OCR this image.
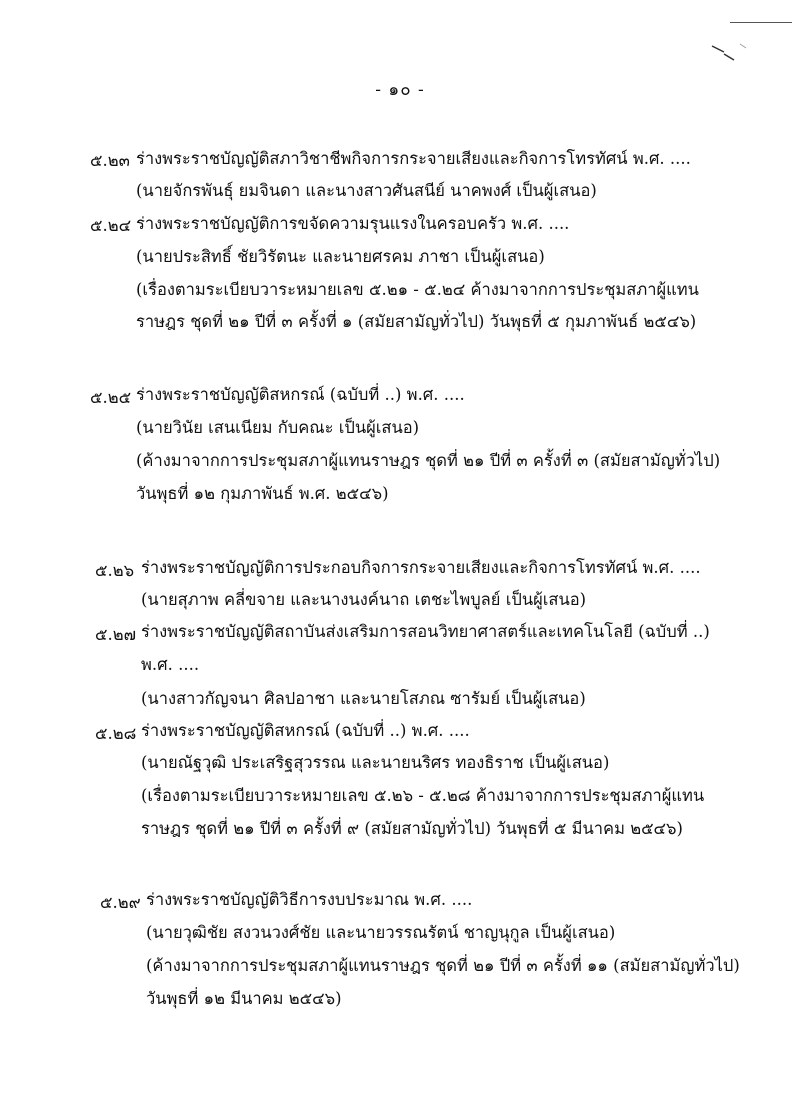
- ๑๐ -
๕.๒๓ ร่างพระราชบัญญัติสภาวิชาชีพกิจการกระจายเสียงและกิจการโทรทัศน์ พ.ศ. ....
(นายจักรพันธุ์ ยมจินดา และนางสาวศันสนีย์ นาคพงศ์ เป็นผู้เสนอ)
๕.๒๔ ร่างพระราชบัญญัติการขจัดความรุนแรงในครอบครัว พ.ศ. ....
(นายประสิทธิ์ ชัยวิรัตนะ และนายศรคม ภาชา เป็นผู้เสนอ)
(เรื่องตามระเบียบวาระหมายเลข ๕.๒๑ - ๕.๒๔ ค้างมาจากการประชุมสภาผู้แทน
ราษฎร ชุดที่ ๒๑ ปีที่ ๓ ครั้งที่ ๑ (สมัยสามัญทั่วไป) วันพุธที่ ๕ กุมภาพันธ์ ๒๕๔๖)
๕.๒๕ ร่างพระราชบัญญัติสหกรณ์ (ฉบับที่ ..) พ.ศ. ....
(นายวินัย เสนเนียม กับคณะ เป็นผู้เสนอ)
(ค้างมาจากการประชุมสภาผู้แทนราษฎร ชุดที่ ๒๑ ปีที่ ๓ ครั้งที่ ๓ (สมัยสามัญทั่วไป)
วันพุธที่ ๑๒ กุมภาพันธ์ พ.ศ. ๒๕๔๖)
๕.๒๖ ร่างพระราชบัญญัติการประกอบกิจการกระจายเสียงและกิจการโทรทัศน์ พ.ศ. ....
(นายสุภาพ คลี่ขจาย และนางนงค์นาถ เตชะไพบูลย์ เป็นผู้เสนอ)
๕.๒๗ ร่างพระราชบัญญัติสถาบันส่งเสริมการสอนวิทยาศาสตร์และเทคโนโลยี (ฉบับที่ ..)
พ.ศ. ....
(นางสาวกัญจนา ศิลปอาชา และนายโสภณ ซารัมย์ เป็นผู้เสนอ)
๕.๒๘ ร่างพระราชบัญญัติสหกรณ์ (ฉบับที่ ..) พ.ศ. ....
(นายณัฐวุฒิ ประเสริฐสุวรรณ และนายนริศร ทองธิราช เป็นผู้เสนอ)
(เรื่องตามระเบียบวาระหมายเลข ๕.๒๖ - ๕.๒๘ ค้างมาจากการประชุมสภาผู้แทน
ราษฎร ชุดที่ ๒๑ ปีที่ ๓ ครั้งที่ ๙ (สมัยสามัญทั่วไป) วันพุธที่ ๕ มีนาคม ๒๕๔๖)
๕.๒๙ ร่างพระราชบัญญัติวิธีการงบประมาณ พ.ศ. ....
(นายวุฒิชัย สงวนวงศ์ชัย และนายวรรณรัตน์ ชาญนุกูล เป็นผู้เสนอ)
(ค้างมาจากการประชุมสภาผู้แทนราษฎร ชุดที่ ๒๑ ปีที่ ๓ ครั้งที่ ๑๑ (สมัยสามัญทั่วไป)
วันพุธที่ ๑๒ มีนาคม ๒๕๔๖)
